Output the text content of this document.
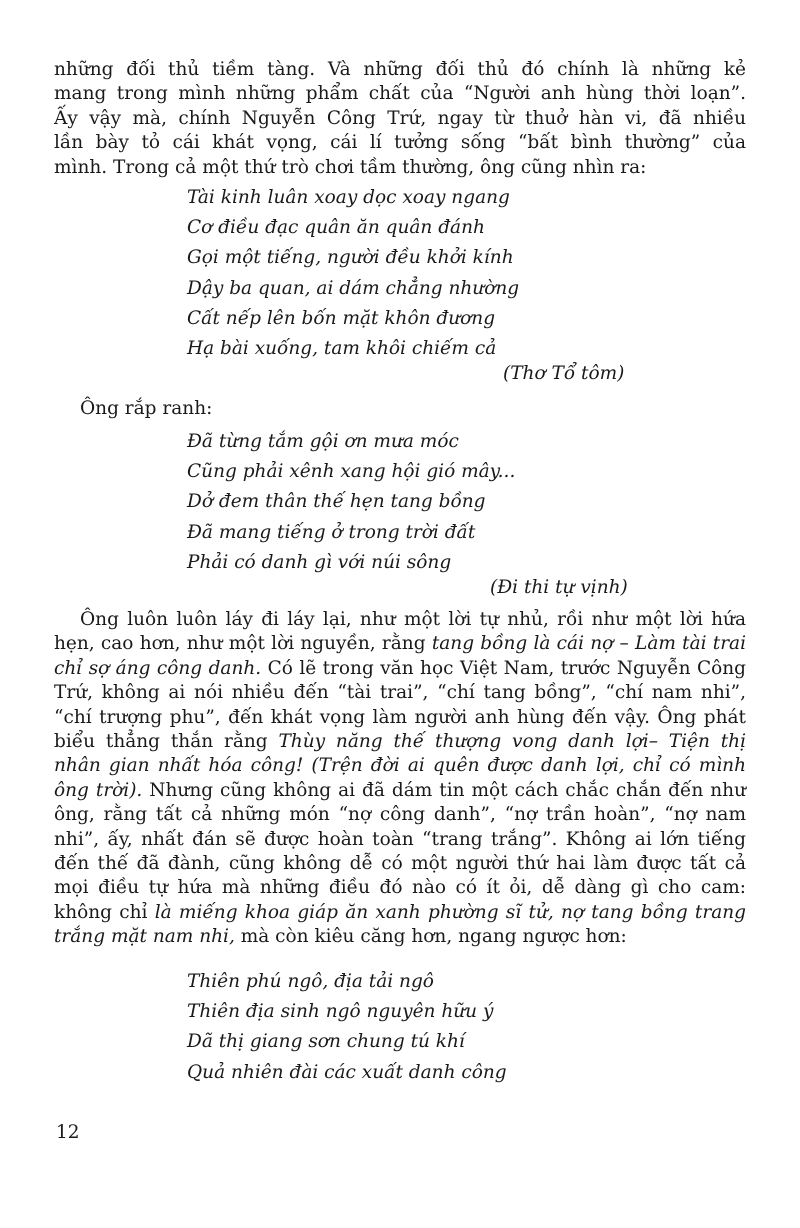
những đối thủ tiềm tàng. Và những đối thủ đó chính là những kẻ
mang trong mình những phẩm chất của “Người anh hùng thời loạn”.
Ấy vậy mà, chính Nguyễn Công Trứ, ngay từ thuở hàn vi, đã nhiều
lần bày tỏ cái khát vọng, cái lí tưởng sống “bất bình thường” của
mình. Trong cả một thứ trò chơi tầm thường, ông cũng nhìn ra:

Tài kinh luân xoay dọc xoay ngang
Cơ điều đạc quân ăn quân đánh
Gọi một tiếng, người đều khởi kính
Dậy ba quan, ai dám chẳng nhường
Cất nếp lên bốn mặt khôn đương
Hạ bài xuống, tam khôi chiếm cả
(Thơ Tổ tôm)
Ông rắp ranh:
Đã từng tắm gội ơn mưa móc
Cũng phải xênh xang hội gió mây...
Dở đem thân thế hẹn tang bồng
Đã mang tiếng ở trong trời đất
Phải có danh gì với núi sông
(Đi thi tự vịnh)

Ông luôn luôn láy đi láy lại, như một lời tự nhủ, rồi như một lời hứa
hẹn, cao hơn, như một lời nguyền, rằng tang bồng là cái nợ – Làm tài trai
chỉ sợ áng công danh. Có lẽ trong văn học Việt Nam, trước Nguyễn Công
Trứ, không ai nói nhiều đến “tài trai”, “chí tang bồng”, “chí nam nhi”,
“chí trượng phu”, đến khát vọng làm người anh hùng đến vậy. Ông phát
biểu thẳng thắn rằng Thùy năng thế thượng vong danh lợi– Tiện thị
nhân gian nhất hóa công! (Trện đời ai quên được danh lợi, chỉ có mình
ông trời). Nhưng cũng không ai đã dám tin một cách chắc chắn đến như
ông, rằng tất cả những món “nợ công danh”, “nợ trần hoàn”, “nợ nam
nhi”, ấy, nhất đán sẽ được hoàn toàn “trang trắng”. Không ai lớn tiếng
đến thế đã đành, cũng không dễ có một người thứ hai làm được tất cả
mọi điều tự hứa mà những điều đó nào có ít ỏi, dễ dàng gì cho cam:
không chỉ là miếng khoa giáp ăn xanh phường sĩ tử, nợ tang bồng trang
trắng mặt nam nhi, mà còn kiêu căng hơn, ngang ngược hơn:

Thiên phú ngô, địa tải ngô
Thiên địa sinh ngô nguyên hữu ý
Dã thị giang sơn chung tú khí
Quả nhiên đài các xuất danh công
12
